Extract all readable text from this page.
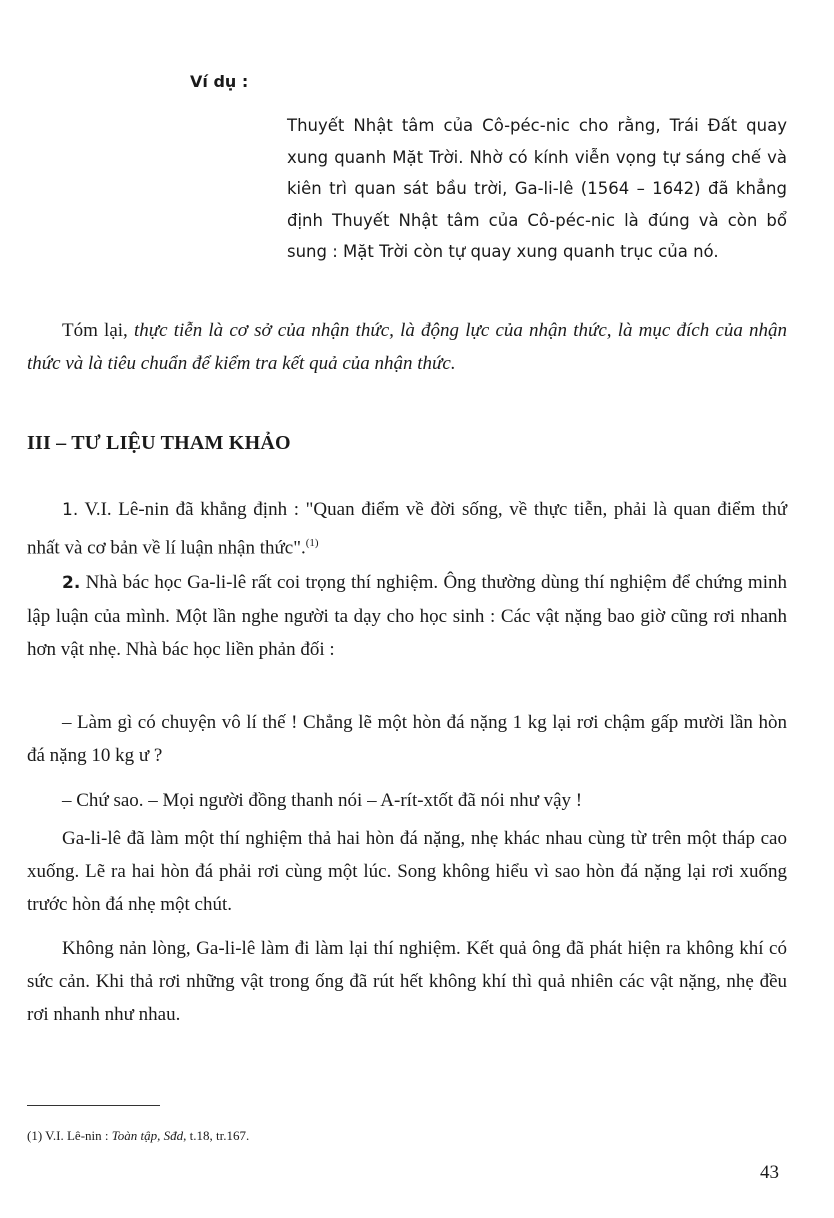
Ví dụ :
Thuyết Nhật tâm của Cô-péc-nic cho rằng, Trái Đất quay xung quanh Mặt Trời. Nhờ có kính viễn vọng tự sáng chế và kiên trì quan sát bầu trời, Ga-li-lê (1564 – 1642) đã khẳng định Thuyết Nhật tâm của Cô-péc-nic là đúng và còn bổ sung : Mặt Trời còn tự quay xung quanh trục của nó.
Tóm lại, thực tiễn là cơ sở của nhận thức, là động lực của nhận thức, là mục đích của nhận thức và là tiêu chuẩn để kiểm tra kết quả của nhận thức.
III – TƯ LIỆU THAM KHẢO
1. V.I. Lê-nin đã khẳng định : "Quan điểm về đời sống, về thực tiễn, phải là quan điểm thứ nhất và cơ bản về lí luận nhận thức".$^{(1)}$
2. Nhà bác học Ga-li-lê rất coi trọng thí nghiệm. Ông thường dùng thí nghiệm để chứng minh lập luận của mình. Một lần nghe người ta dạy cho học sinh : Các vật nặng bao giờ cũng rơi nhanh hơn vật nhẹ. Nhà bác học liền phản đối :
– Làm gì có chuyện vô lí thế ! Chẳng lẽ một hòn đá nặng 1 kg lại rơi chậm gấp mười lần hòn đá nặng 10 kg ư ?
– Chứ sao. – Mọi người đồng thanh nói – A-rít-xtốt đã nói như vậy !
Ga-li-lê đã làm một thí nghiệm thả hai hòn đá nặng, nhẹ khác nhau cùng từ trên một tháp cao xuống. Lẽ ra hai hòn đá phải rơi cùng một lúc. Song không hiểu vì sao hòn đá nặng lại rơi xuống trước hòn đá nhẹ một chút.
Không nản lòng, Ga-li-lê làm đi làm lại thí nghiệm. Kết quả ông đã phát hiện ra không khí có sức cản. Khi thả rơi những vật trong ống đã rút hết không khí thì quả nhiên các vật nặng, nhẹ đều rơi nhanh như nhau.
(1) V.I. Lê-nin : Toàn tập, Sđd, t.18, tr.167.
43
